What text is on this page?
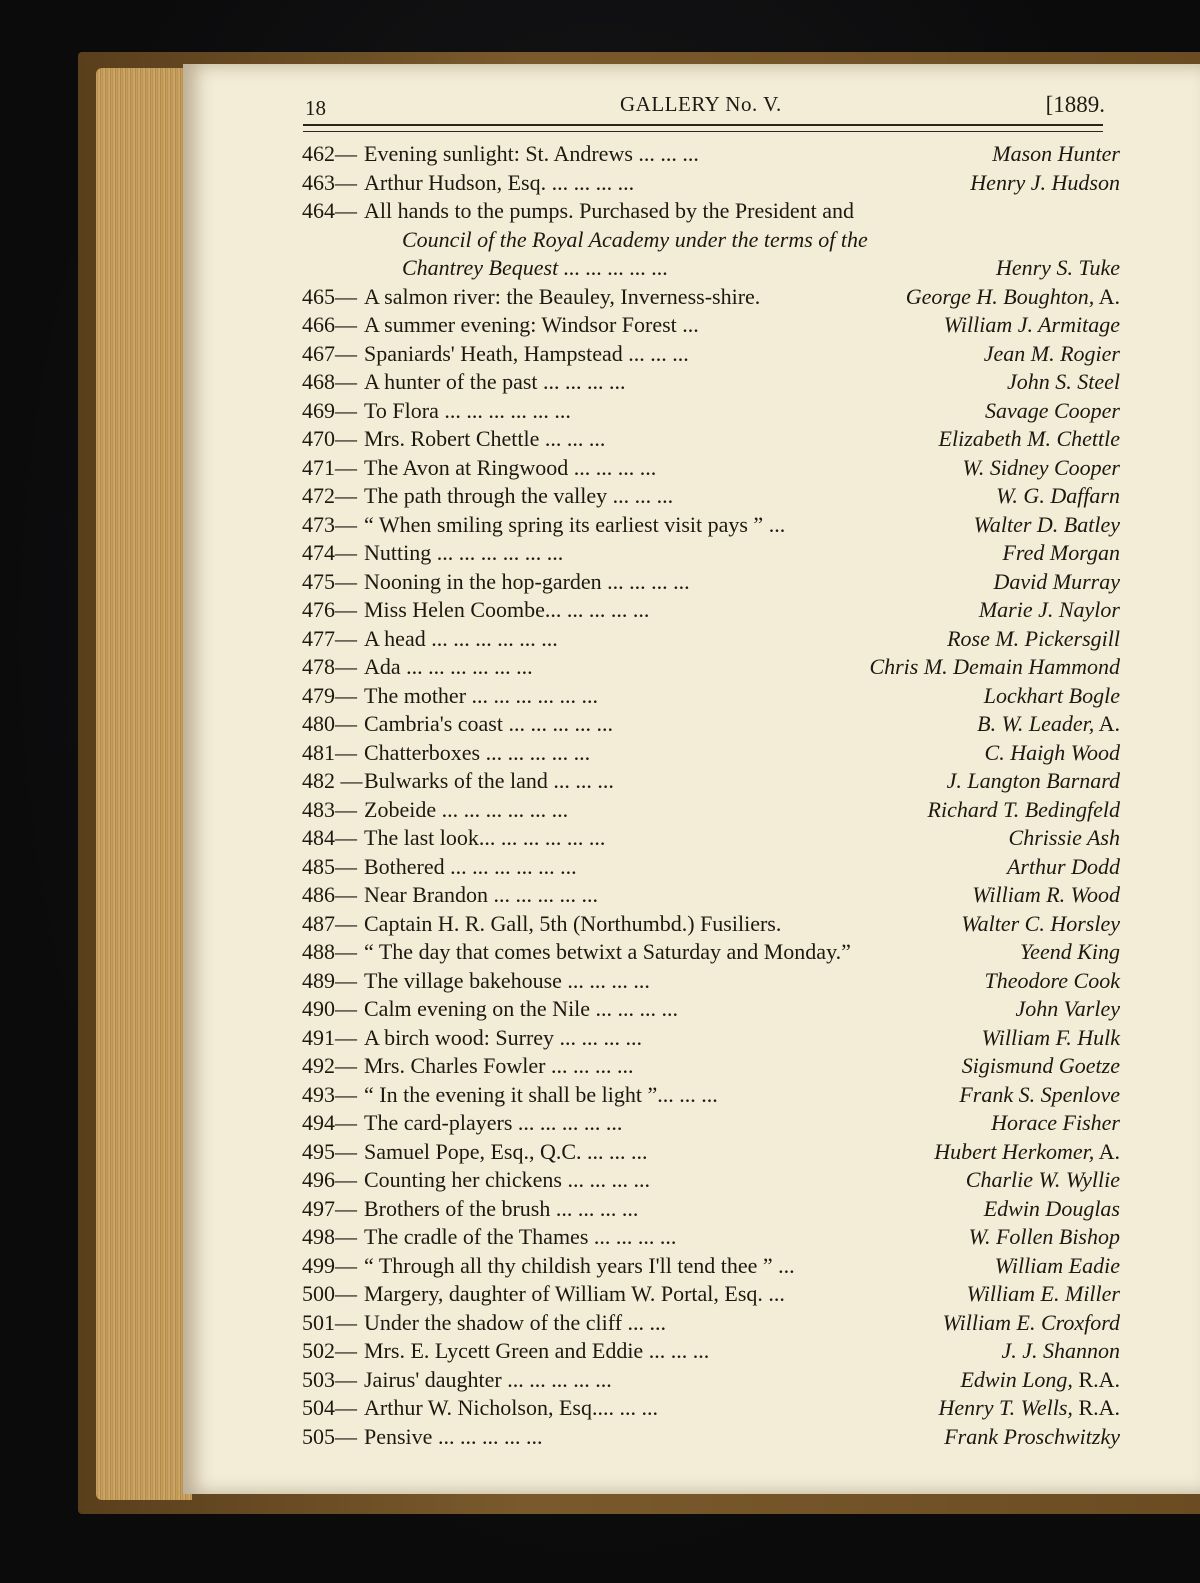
18	GALLERY No. V.	[1889.
462— Evening sunlight: St. Andrews ... ... ...	Mason Hunter
463— Arthur Hudson, Esq. ... ... ... ...	Henry J. Hudson
464— All hands to the pumps. Purchased by the President and
Council of the Royal Academy under the terms of the
Chantrey Bequest ... ... ... ... ...	Henry S. Tuke
465— A salmon river: the Beauley, Inverness-shire.	George H. Boughton, A.
466— A summer evening: Windsor Forest ...	William J. Armitage
467— Spaniards' Heath, Hampstead ... ... ...	Jean M. Rogier
468— A hunter of the past ... ... ... ...	John S. Steel
469— To Flora ... ... ... ... ... ...	Savage Cooper
470— Mrs. Robert Chettle ... ... ...	Elizabeth M. Chettle
471— The Avon at Ringwood ... ... ... ...	W. Sidney Cooper
472— The path through the valley ... ... ...	W. G. Daffarn
473— “ When smiling spring its earliest visit pays ” ...	Walter D. Batley
474— Nutting ... ... ... ... ... ...	Fred Morgan
475— Nooning in the hop-garden ... ... ... ...	David Murray
476— Miss Helen Coombe... ... ... ... ...	Marie J. Naylor
477— A head ... ... ... ... ... ...	Rose M. Pickersgill
478— Ada ... ... ... ... ... ...	Chris M. Demain Hammond
479— The mother ... ... ... ... ... ...	Lockhart Bogle
480— Cambria's coast ... ... ... ... ...	B. W. Leader, A.
481— Chatterboxes ... ... ... ... ...	C. Haigh Wood
482 —Bulwarks of the land ... ... ...	J. Langton Barnard
483— Zobeide ... ... ... ... ... ...	Richard T. Bedingfeld
484— The last look... ... ... ... ... ...	Chrissie Ash
485— Bothered ... ... ... ... ... ...	Arthur Dodd
486— Near Brandon ... ... ... ... ...	William R. Wood
487— Captain H. R. Gall, 5th (Northumbd.) Fusiliers.	Walter C. Horsley
488— “ The day that comes betwixt a Saturday and Monday.”	Yeend King
489— The village bakehouse ... ... ... ...	Theodore Cook
490— Calm evening on the Nile ... ... ... ...	John Varley
491— A birch wood: Surrey ... ... ... ...	William F. Hulk
492— Mrs. Charles Fowler ... ... ... ...	Sigismund Goetze
493— “ In the evening it shall be light ”... ... ...	Frank S. Spenlove
494— The card-players ... ... ... ... ...	Horace Fisher
495— Samuel Pope, Esq., Q.C. ... ... ...	Hubert Herkomer, A.
496— Counting her chickens ... ... ... ...	Charlie W. Wyllie
497— Brothers of the brush ... ... ... ...	Edwin Douglas
498— The cradle of the Thames ... ... ... ...	W. Follen Bishop
499— “ Through all thy childish years I'll tend thee ” ...	William Eadie
500— Margery, daughter of William W. Portal, Esq. ...	William E. Miller
501— Under the shadow of the cliff ... ...	William E. Croxford
502— Mrs. E. Lycett Green and Eddie ... ... ...	J. J. Shannon
503— Jairus' daughter ... ... ... ... ...	Edwin Long, R.A.
504— Arthur W. Nicholson, Esq.... ... ...	Henry T. Wells, R.A.
505— Pensive ... ... ... ... ...	Frank Proschwitzky
